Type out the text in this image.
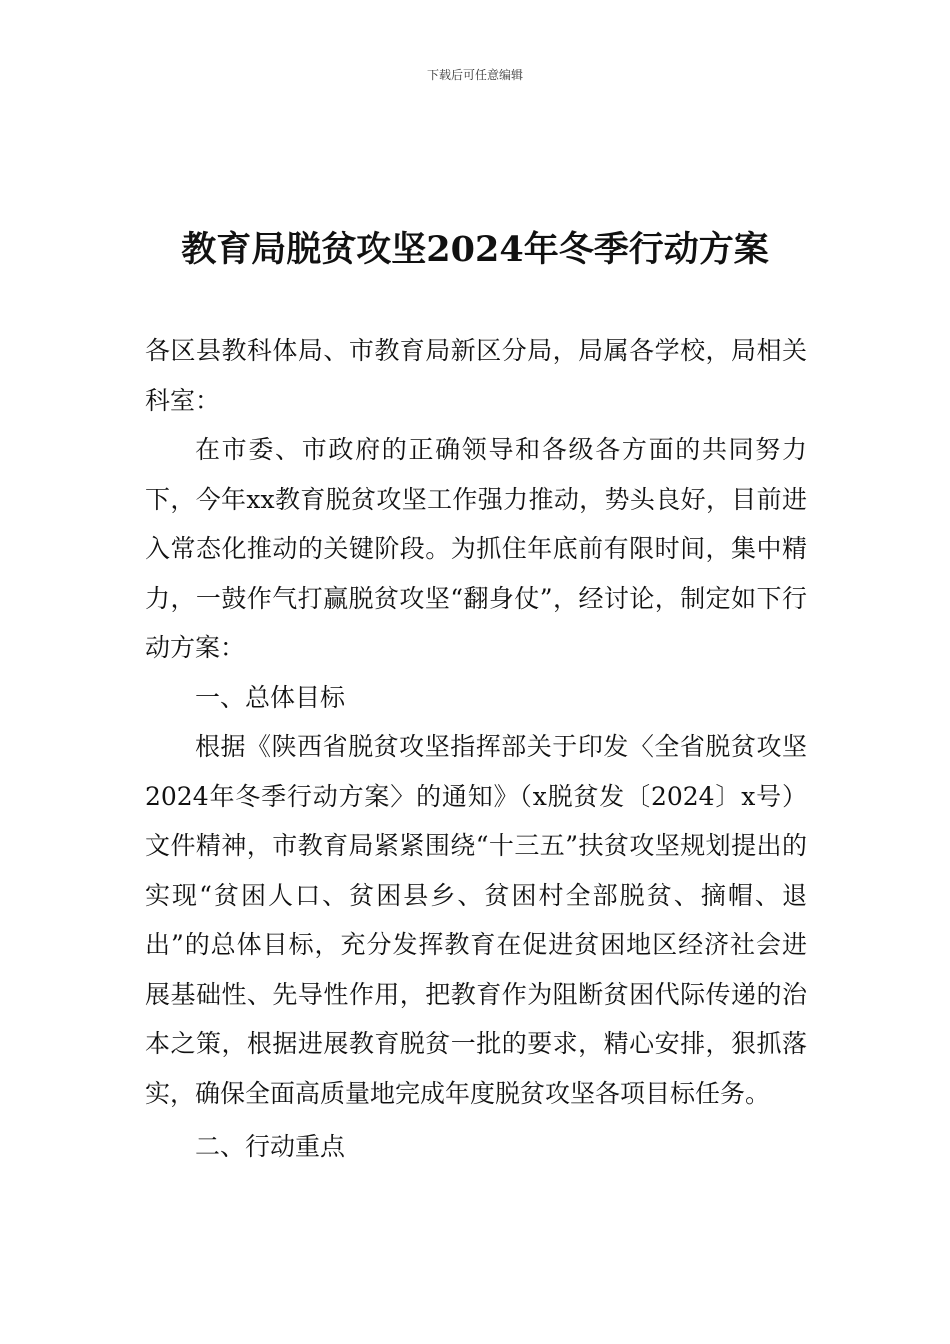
下载后可任意编辑
教育局脱贫攻坚2024年冬季行动方案

各区县教科体局、市教育局新区分局，局属各学校，局相关科室：

在市委、市政府的正确领导和各级各方面的共同努力下，今年xx教育脱贫攻坚工作强力推动，势头良好，目前进入常态化推动的关键阶段。为抓住年底前有限时间，集中精力，一鼓作气打赢脱贫攻坚“翻身仗”，经讨论，制定如下行动方案：

一、总体目标

根据《陕西省脱贫攻坚指挥部关于印发〈全省脱贫攻坚2024年冬季行动方案〉的通知》（x脱贫发〔2024〕x号）文件精神，市教育局紧紧围绕“十三五”扶贫攻坚规划提出的实现“贫困人口、贫困县乡、贫困村全部脱贫、摘帽、退出”的总体目标，充分发挥教育在促进贫困地区经济社会进展基础性、先导性作用，把教育作为阻断贫困代际传递的治本之策，根据进展教育脱贫一批的要求，精心安排，狠抓落实，确保全面高质量地完成年度脱贫攻坚各项目标任务。

二、行动重点
